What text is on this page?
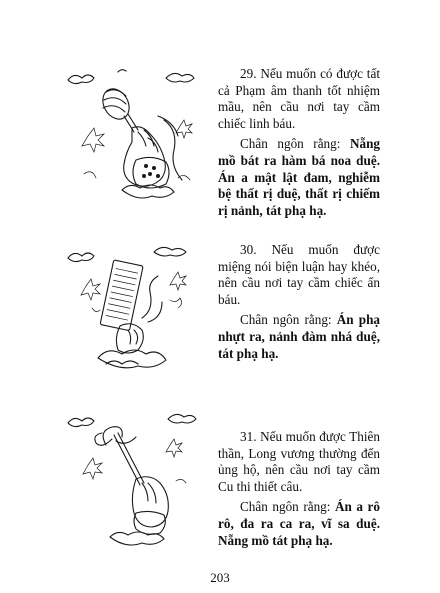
29. Nếu muốn có được tất cả Phạm âm thanh tốt nhiệm mầu, nên cầu nơi tay cầm chiếc linh báu.

Chân ngôn rằng: Nẵng mồ bát ra hàm bá noa duệ. Án a mật lật đam, nghiễm bệ thất rị duệ, thất rị chiếm rị nảnh, tát phạ hạ.

30. Nếu muốn được miệng nói biện luận hay khéo, nên cầu nơi tay cầm chiếc ấn báu.

Chân ngôn rằng: Án phạ nhựt ra, nảnh đàm nhá duệ, tát phạ hạ.

31. Nếu muốn được Thiên thần, Long vương thường đến ủng hộ, nên cầu nơi tay cầm Cu thi thiết câu.

Chân ngôn rằng: Án a rô rô, đa ra ca ra, vĩ sa duệ. Nẵng mồ tát phạ hạ.

203
